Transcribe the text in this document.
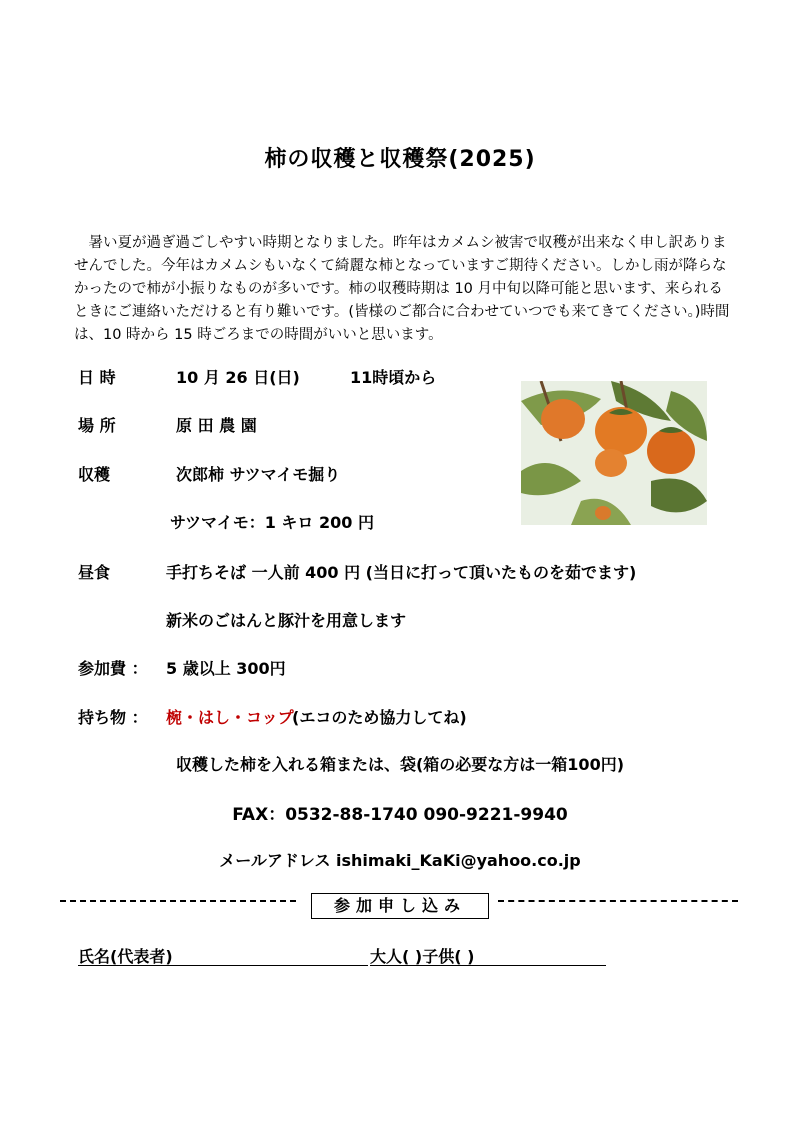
柿の収穫と収穫祭(2025)

暑い夏が過ぎ過ごしやすい時期となりました。昨年はカメムシ被害で収穫が出来なく申し訳ありませんでした。今年はカメムシもいなくて綺麗な柿となっていますご期待ください。しかし雨が降らなかったので柿が小振りなものが多いです。柿の収穫時期は 10 月中旬以降可能と思います、来られるときにご連絡いただけると有り難いです。(皆様のご都合に合わせていつでも来てきてください。)時間は、10 時から 15 時ごろまでの時間がいいと思います。

日 時	10 月 26 日(日)	11時頃から
場 所	原 田 農 園
収穫	次郎柿 サツマイモ掘り
サツマイモ：1 キロ 200 円
昼食	手打ちそば 一人前 400 円 (当日に打って頂いたものを茹でます)
新米のごはんと豚汁を用意します
参加費 ： 5 歳以上 300円
持ち物 ： 椀・はし・コップ
(エコのため協力してね)
収穫した柿を入れる箱または、袋(箱の必要な方は一箱100円)
FAX：0532-88-1740 090-9221-9940
メールアドレス ishimaki_KaKi@yahoo.co.jp
参加申し込み
氏名(代表者)	大人( )子供( )
